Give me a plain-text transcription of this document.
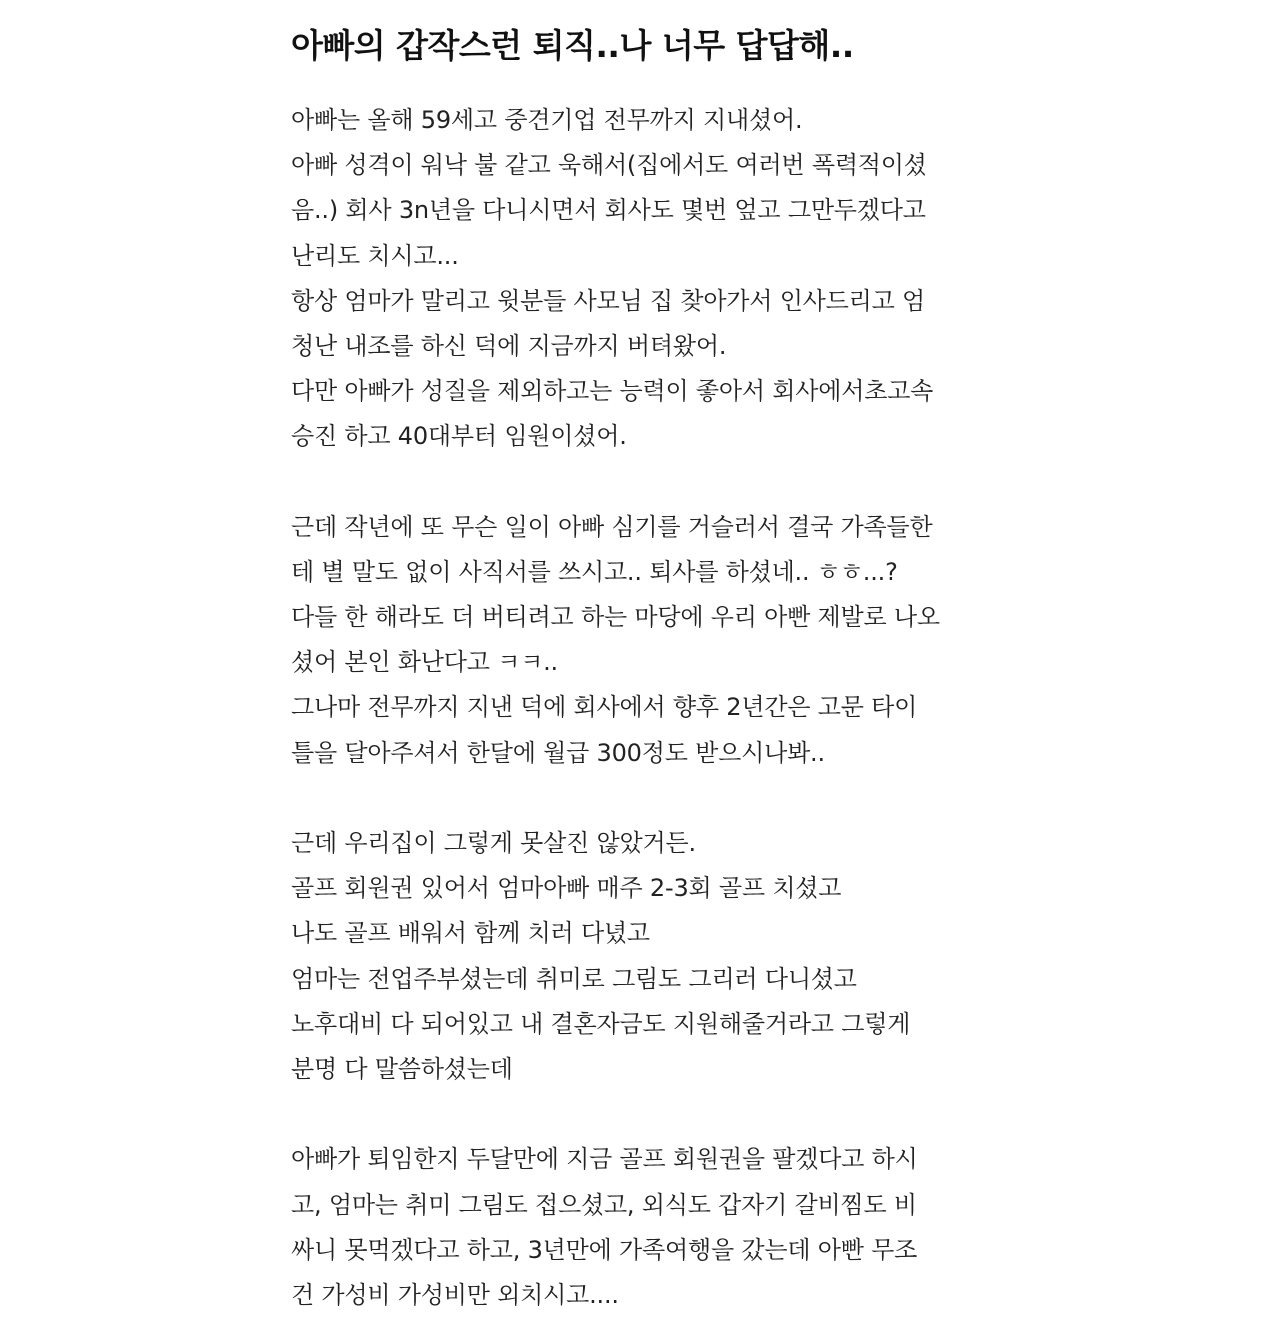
아빠의 갑작스런 퇴직..나 너무 답답해..
아빠는 올해 59세고 중견기업 전무까지 지내셨어.
아빠 성격이 워낙 불 같고 욱해서(집에서도 여러번 폭력적이셨
음..) 회사 3n년을 다니시면서 회사도 몇번 엎고 그만두겠다고
난리도 치시고...
항상 엄마가 말리고 윗분들 사모님 집 찾아가서 인사드리고 엄
청난 내조를 하신 덕에 지금까지 버텨왔어.
다만 아빠가 성질을 제외하고는 능력이 좋아서 회사에서초고속
승진 하고 40대부터 임원이셨어.
근데 작년에 또 무슨 일이 아빠 심기를 거슬러서 결국 가족들한
테 별 말도 없이 사직서를 쓰시고.. 퇴사를 하셨네.. ㅎㅎ...?
다들 한 해라도 더 버티려고 하는 마당에 우리 아빤 제발로 나오
셨어 본인 화난다고 ㅋㅋ..
그나마 전무까지 지낸 덕에 회사에서 향후 2년간은 고문 타이
틀을 달아주셔서 한달에 월급 300정도 받으시나봐..
근데 우리집이 그렇게 못살진 않았거든.
골프 회원권 있어서 엄마아빠 매주 2-3회 골프 치셨고
나도 골프 배워서 함께 치러 다녔고
엄마는 전업주부셨는데 취미로 그림도 그리러 다니셨고
노후대비 다 되어있고 내 결혼자금도 지원해줄거라고 그렇게
분명 다 말씀하셨는데
아빠가 퇴임한지 두달만에 지금 골프 회원권을 팔겠다고 하시
고, 엄마는 취미 그림도 접으셨고, 외식도 갑자기 갈비찜도 비
싸니 못먹겠다고 하고, 3년만에 가족여행을 갔는데 아빤 무조
건 가성비 가성비만 외치시고....
